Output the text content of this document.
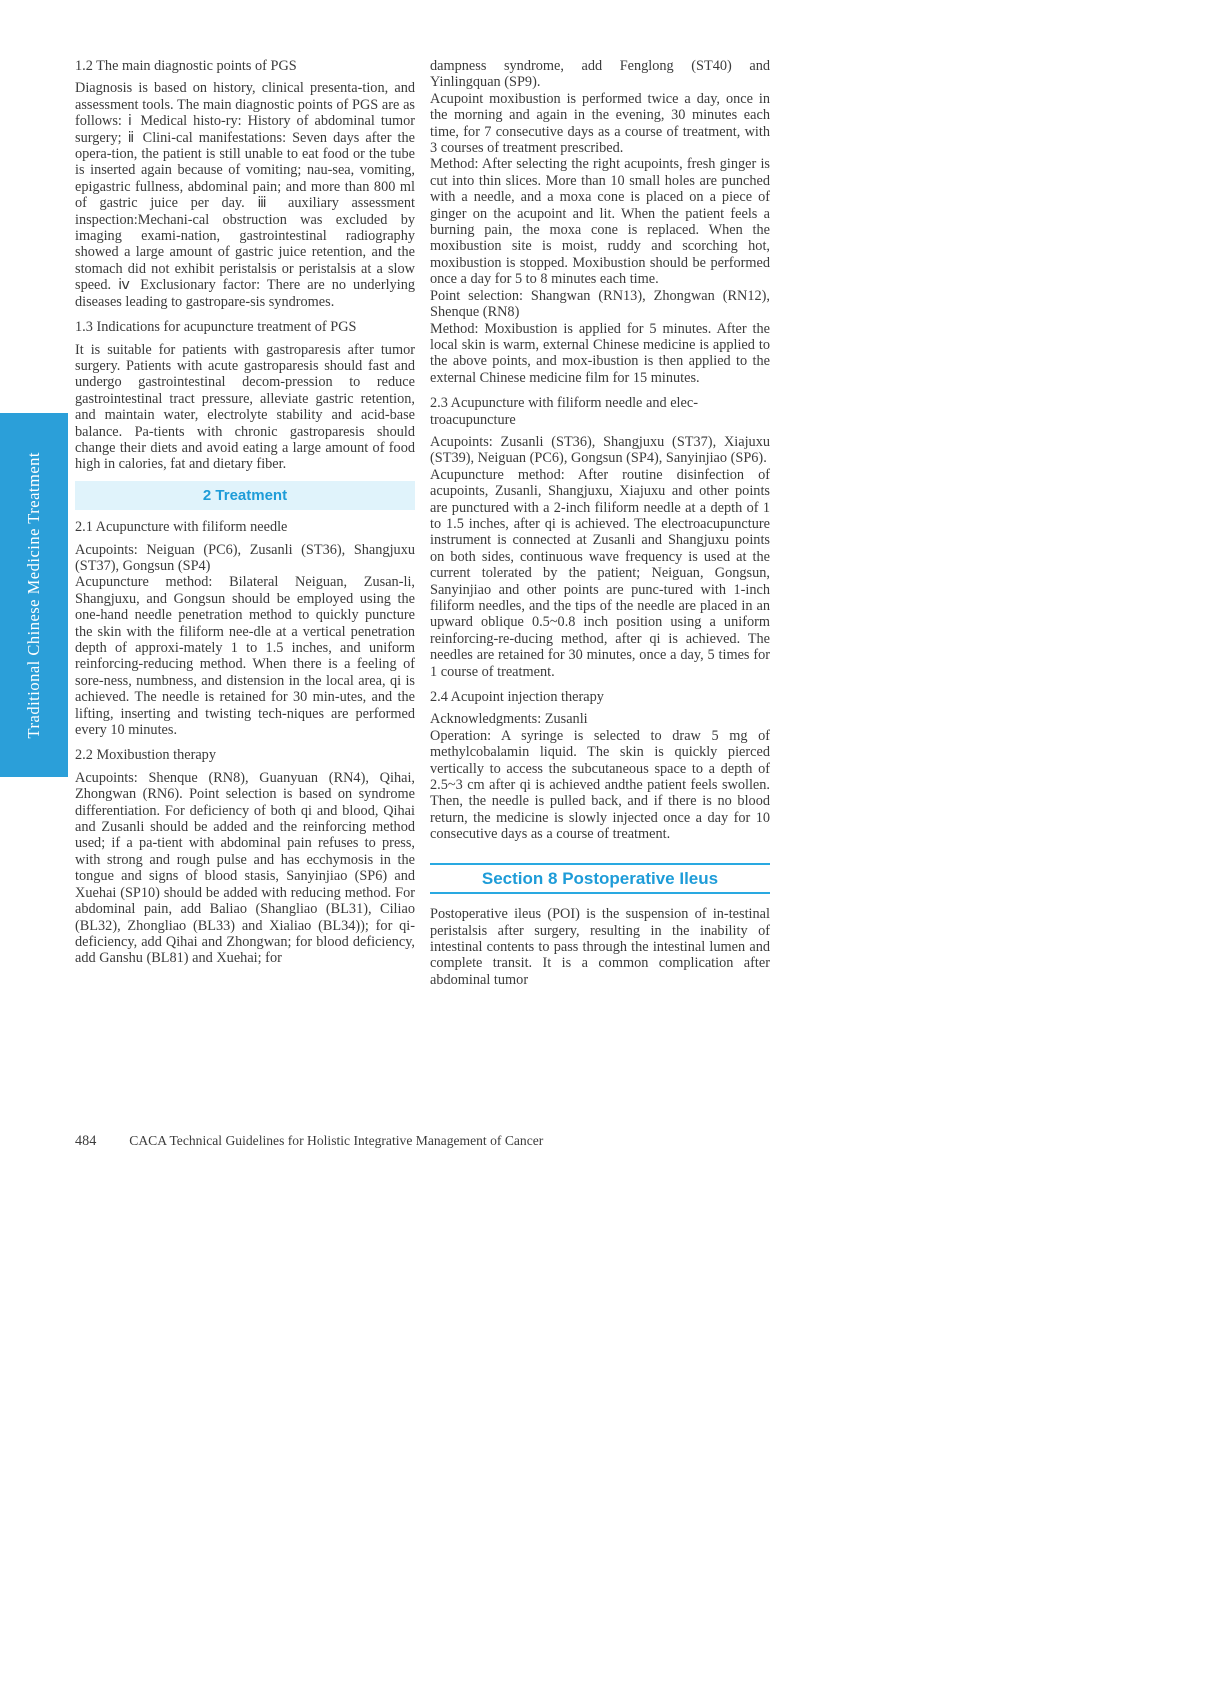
Traditional Chinese Medicine Treatment
1.2 The main diagnostic points of PGS
Diagnosis is based on history, clinical presenta-tion, and assessment tools. The main diagnostic points of PGS are as follows: ⅰ Medical histo-ry: History of abdominal tumor surgery; ⅱ Clini-cal manifestations: Seven days after the opera-tion, the patient is still unable to eat food or the tube is inserted again because of vomiting; nau-sea, vomiting, epigastric fullness, abdominal pain; and more than 800 ml of gastric juice per day. ⅲ auxiliary assessment inspection:Mechani-cal obstruction was excluded by imaging exami-nation, gastrointestinal radiography showed a large amount of gastric juice retention, and the stomach did not exhibit peristalsis or peristalsis at a slow speed. ⅳ Exclusionary factor: There are no underlying diseases leading to gastropare-sis syndromes.
1.3 Indications for acupuncture treatment of PGS
It is suitable for patients with gastroparesis after tumor surgery. Patients with acute gastroparesis should fast and undergo gastrointestinal decom-pression to reduce gastrointestinal tract pressure, alleviate gastric retention, and maintain water, electrolyte stability and acid-base balance. Pa-tients with chronic gastroparesis should change their diets and avoid eating a large amount of food high in calories, fat and dietary fiber.
2 Treatment
2.1 Acupuncture with filiform needle
Acupoints: Neiguan (PC6), Zusanli (ST36), Shangjuxu (ST37), Gongsun (SP4)
Acupuncture method: Bilateral Neiguan, Zusan-li, Shangjuxu, and Gongsun should be employed using the one-hand needle penetration method to quickly puncture the skin with the filiform nee-dle at a vertical penetration depth of approxi-mately 1 to 1.5 inches, and uniform reinforcing-reducing method. When there is a feeling of sore-ness, numbness, and distension in the local area, qi is achieved. The needle is retained for 30 min-utes, and the lifting, inserting and twisting tech-niques are performed every 10 minutes.
2.2 Moxibustion therapy
Acupoints: Shenque (RN8), Guanyuan (RN4), Qihai, Zhongwan (RN6). Point selection is based on syndrome differentiation. For deficiency of both qi and blood, Qihai and Zusanli should be added and the reinforcing method used; if a pa-tient with abdominal pain refuses to press, with strong and rough pulse and has ecchymosis in the tongue and signs of blood stasis, Sanyinjiao (SP6) and Xuehai (SP10) should be added with reducing method. For abdominal pain, add Baliao (Shangliao (BL31), Ciliao (BL32), Zhongliao (BL33) and Xialiao (BL34)); for qi-deficiency, add Qihai and Zhongwan; for blood deficiency, add Ganshu (BL81) and Xuehai; for
dampness syndrome, add Fenglong (ST40) and Yinlingquan (SP9).
Acupoint moxibustion is performed twice a day, once in the morning and again in the evening, 30 minutes each time, for 7 consecutive days as a course of treatment, with 3 courses of treatment prescribed.
Method: After selecting the right acupoints, fresh ginger is cut into thin slices. More than 10 small holes are punched with a needle, and a moxa cone is placed on a piece of ginger on the acupoint and lit. When the patient feels a burning pain, the moxa cone is replaced. When the moxibustion site is moist, ruddy and scorching hot, moxibustion is stopped. Moxibustion should be performed once a day for 5 to 8 minutes each time.
Point selection: Shangwan (RN13), Zhongwan (RN12), Shenque (RN8)
Method: Moxibustion is applied for 5 minutes. After the local skin is warm, external Chinese medicine is applied to the above points, and mox-ibustion is then applied to the external Chinese medicine film for 15 minutes.
2.3 Acupuncture with filiform needle and elec-troacupuncture
Acupoints: Zusanli (ST36), Shangjuxu (ST37), Xiajuxu (ST39), Neiguan (PC6), Gongsun (SP4), Sanyinjiao (SP6).
Acupuncture method: After routine disinfection of acupoints, Zusanli, Shangjuxu, Xiajuxu and other points are punctured with a 2-inch filiform needle at a depth of 1 to 1.5 inches, after qi is achieved. The electroacupuncture instrument is connected at Zusanli and Shangjuxu points on both sides, continuous wave frequency is used at the current tolerated by the patient; Neiguan, Gongsun, Sanyinjiao and other points are punc-tured with 1-inch filiform needles, and the tips of the needle are placed in an upward oblique 0.5~0.8 inch position using a uniform reinforcing-re-ducing method, after qi is achieved. The needles are retained for 30 minutes, once a day, 5 times for 1 course of treatment.
2.4 Acupoint injection therapy
Acknowledgments: Zusanli
Operation: A syringe is selected to draw 5 mg of methylcobalamin liquid. The skin is quickly pierced vertically to access the subcutaneous space to a depth of 2.5~3 cm after qi is achieved andthe patient feels swollen. Then, the needle is pulled back, and if there is no blood return, the medicine is slowly injected once a day for 10 consecutive days as a course of treatment.
Section 8 Postoperative Ileus
Postoperative ileus (POI) is the suspension of in-testinal peristalsis after surgery, resulting in the inability of intestinal contents to pass through the intestinal lumen and complete transit. It is a common complication after abdominal tumor
484 CACA Technical Guidelines for Holistic Integrative Management of Cancer
